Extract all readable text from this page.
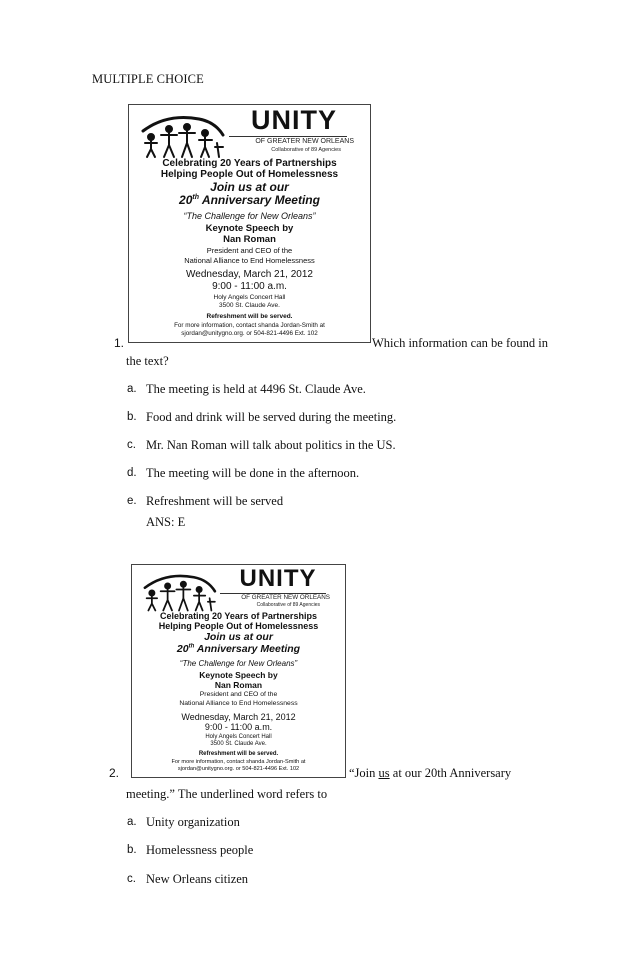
MULTIPLE CHOICE
UNITY
OF GREATER NEW ORLEANS
Collaborative of 89 Agencies
Celebrating 20 Years of Partnerships
Helping People Out of Homelessness
Join us at our
20th Anniversary Meeting
“The Challenge for New Orleans”
Keynote Speech by
Nan Roman
President and CEO of the
National Alliance to End Homelessness
Wednesday, March 21, 2012
9:00 - 11:00 a.m.
Holy Angels Concert Hall
3500 St. Claude Ave.
Refreshment will be served.
For more information, contact shanda Jordan-Smith at
sjordan@unitygno.org. or 504-821-4496 Ext. 102
1.	Which information can be found in
the text?
a. The meeting is held at 4496 St. Claude Ave.
b. Food and drink will be served during the meeting.
c. Mr. Nan Roman will talk about politics in the US.
d. The meeting will be done in the afternoon.
e. Refreshment will be served
ANS: E
UNITY
OF GREATER NEW ORLEANS
Collaborative of 89 Agencies
Celebrating 20 Years of Partnerships
Helping People Out of Homelessness
Join us at our
20th Anniversary Meeting
“The Challenge for New Orleans”
Keynote Speech by
Nan Roman
President and CEO of the
National Alliance to End Homelessness
Wednesday, March 21, 2012
9:00 - 11:00 a.m.
Holy Angels Concert Hall
3500 St. Claude Ave.
Refreshment will be served.
For more information, contact shanda Jordan-Smith at
sjordan@unitygno.org. or 504-821-4496 Ext. 102
2.	“Join us at our 20th Anniversary
meeting.” The underlined word refers to
a. Unity organization
b. Homelessness people
c. New Orleans citizen
